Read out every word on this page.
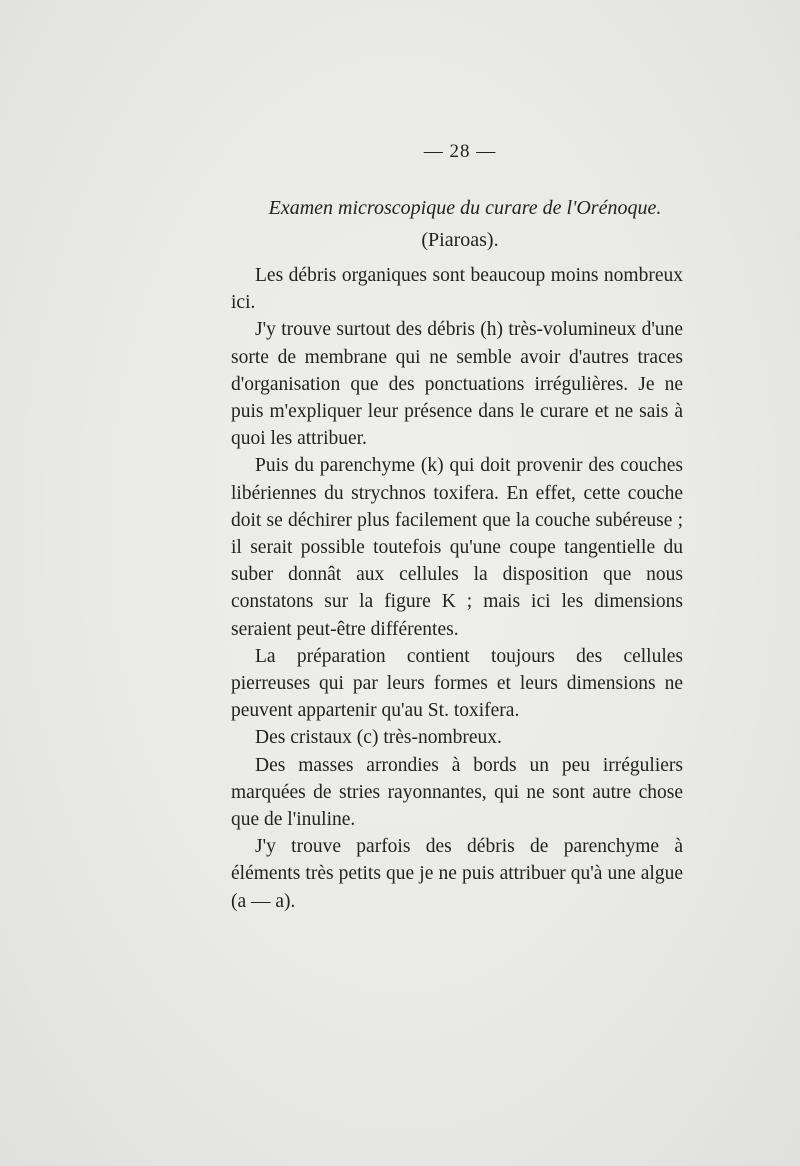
— 28 —
Examen microscopique du curare de l'Orénoque.
(Piaroas).

Les débris organiques sont beaucoup moins nombreux ici.

J'y trouve surtout des débris (h) très-volumineux d'une sorte de membrane qui ne semble avoir d'autres traces d'organisation que des ponctuations irrégulières. Je ne puis m'expliquer leur présence dans le curare et ne sais à quoi les attribuer.

Puis du parenchyme (k) qui doit provenir des couches libériennes du strychnos toxifera. En effet, cette couche doit se déchirer plus facilement que la couche subéreuse ; il serait possible toutefois qu'une coupe tangentielle du suber donnât aux cellules la disposition que nous constatons sur la figure K ; mais ici les dimensions seraient peut-être différentes.

La préparation contient toujours des cellules pierreuses qui par leurs formes et leurs dimensions ne peuvent appartenir qu'au St. toxifera.

Des cristaux (c) très-nombreux.

Des masses arrondies à bords un peu irréguliers marquées de stries rayonnantes, qui ne sont autre chose que de l'inuline.

J'y trouve parfois des débris de parenchyme à éléments très petits que je ne puis attribuer qu'à une algue (a — a).
